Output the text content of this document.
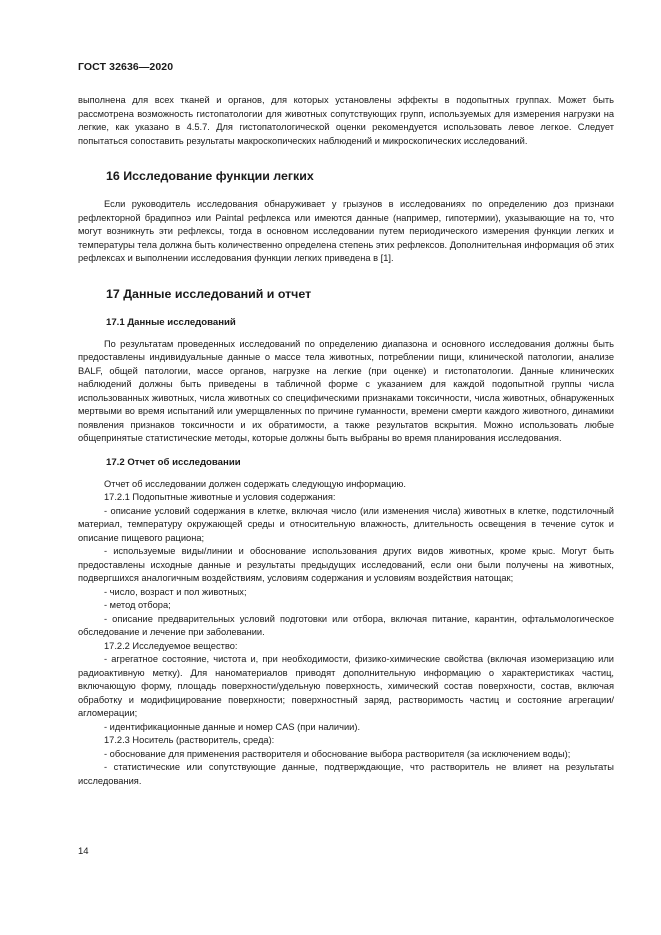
ГОСТ 32636—2020

выполнена для всех тканей и органов, для которых установлены эффекты в подопытных группах. Может быть рассмотрена возможность гистопатологии для животных сопутствующих групп, используемых для измерения нагрузки на легкие, как указано в 4.5.7. Для гистопатологической оценки рекомендуется использовать левое легкое. Следует попытаться сопоставить результаты макроскопических наблюдений и микроскопических исследований.

16 Исследование функции легких

Если руководитель исследования обнаруживает у грызунов в исследованиях по определению доз признаки рефлекторной брадипноэ или Paintal рефлекса или имеются данные (например, гипотермии), указывающие на то, что могут возникнуть эти рефлексы, тогда в основном исследовании путем периодического измерения функции легких и температуры тела должна быть количественно определена степень этих рефлексов. Дополнительная информация об этих рефлексах и выполнении исследования функции легких приведена в [1].

17 Данные исследований и отчет
17.1 Данные исследований

По результатам проведенных исследований по определению диапазона и основного исследования должны быть предоставлены индивидуальные данные о массе тела животных, потреблении пищи, клинической патологии, анализе BALF, общей патологии, массе органов, нагрузке на легкие (при оценке) и гистопатологии. Данные клинических наблюдений должны быть приведены в табличной форме с указанием для каждой подопытной группы числа использованных животных, числа животных со специфическими признаками токсичности, числа животных, обнаруженных мертвыми во время испытаний или умерщвленных по причине гуманности, времени смерти каждого животного, динамики появления признаков токсичности и их обратимости, а также результатов вскрытия. Можно использовать любые общепринятые статистические методы, которые должны быть выбраны во время планирования исследования.

17.2 Отчет об исследовании

Отчет об исследовании должен содержать следующую информацию.

17.2.1 Подопытные животные и условия содержания:

- описание условий содержания в клетке, включая число (или изменения числа) животных в клетке, подстилочный материал, температуру окружающей среды и относительную влажность, длительность освещения в течение суток и описание пищевого рациона;

- используемые виды/линии и обоснование использования других видов животных, кроме крыс. Могут быть предоставлены исходные данные и результаты предыдущих исследований, если они были получены на животных, подвергшихся аналогичным воздействиям, условиям содержания и условиям воздействия натощак;

- число, возраст и пол животных;

- метод отбора;

- описание предварительных условий подготовки или отбора, включая питание, карантин, офтальмологическое обследование и лечение при заболевании.

17.2.2 Исследуемое вещество:

- агрегатное состояние, чистота и, при необходимости, физико-химические свойства (включая изомеризацию или радиоактивную метку). Для наноматериалов приводят дополнительную информацию о характеристиках частиц, включающую форму, площадь поверхности/удельную поверхность, химический состав поверхности, состав, включая обработку и модифицирование поверхности; поверхностный заряд, растворимость частиц и состояние агрегации/агломерации;

- идентификационные данные и номер CAS (при наличии).

17.2.3 Носитель (растворитель, среда):

- обоснование для применения растворителя и обоснование выбора растворителя (за исключением воды);

- статистические или сопутствующие данные, подтверждающие, что растворитель не влияет на результаты исследования.

14
